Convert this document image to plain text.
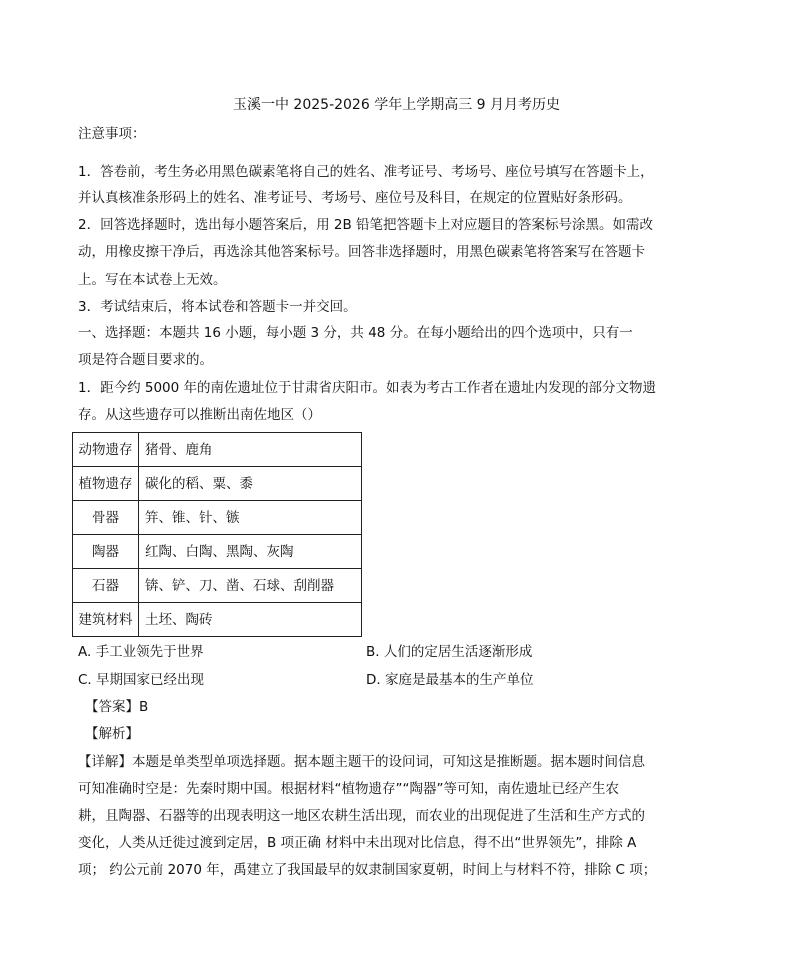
玉溪一中 2025-2026 学年上学期高三 9 月月考历史
注意事项：
1．答卷前，考生务必用黑色碳素笔将自己的姓名、准考证号、考场号、座位号填写在答题卡上，
并认真核准条形码上的姓名、准考证号、考场号、座位号及科目，在规定的位置贴好条形码。
2．回答选择题时，选出每小题答案后，用 2B 铅笔把答题卡上对应题目的答案标号涂黑。如需改
动，用橡皮擦干净后，再选涂其他答案标号。回答非选择题时，用黑色碳素笔将答案写在答题卡
上。写在本试卷上无效。
3．考试结束后，将本试卷和答题卡一并交回。
一、选择题：本题共 16 小题，每小题 3 分，共 48 分。在每小题给出的四个选项中，只有一
项是符合题目要求的。
1．距今约 5000 年的南佐遗址位于甘肃省庆阳市。如表为考古工作者在遗址内发现的部分文物遗
存。从这些遗存可以推断出南佐地区（）
动物遗存	猪骨、鹿角
植物遗存	碳化的稻、粟、黍
骨器	笄、锥、针、镞
陶器	红陶、白陶、黑陶、灰陶
石器	锛、铲、刀、凿、石球、刮削器
建筑材料	土坯、陶砖
A. 手工业领先于世界	B. 人们的定居生活逐渐形成
C. 早期国家已经出现	D. 家庭是最基本的生产单位
【答案】B
【解析】
【详解】本题是单类型单项选择题。据本题主题干的设问词，可知这是推断题。据本题时间信息
可知准确时空是：先秦时期中国。根据材料“植物遗存”“陶器”等可知，南佐遗址已经产生农
耕，且陶器、石器等的出现表明这一地区农耕生活出现，而农业的出现促进了生活和生产方式的
变化，人类从迁徙过渡到定居，B 项正确 材料中未出现对比信息，得不出“世界领先”，排除 A
项； 约公元前 2070 年，禹建立了我国最早的奴隶制国家夏朝，时间上与材料不符，排除 C 项；
